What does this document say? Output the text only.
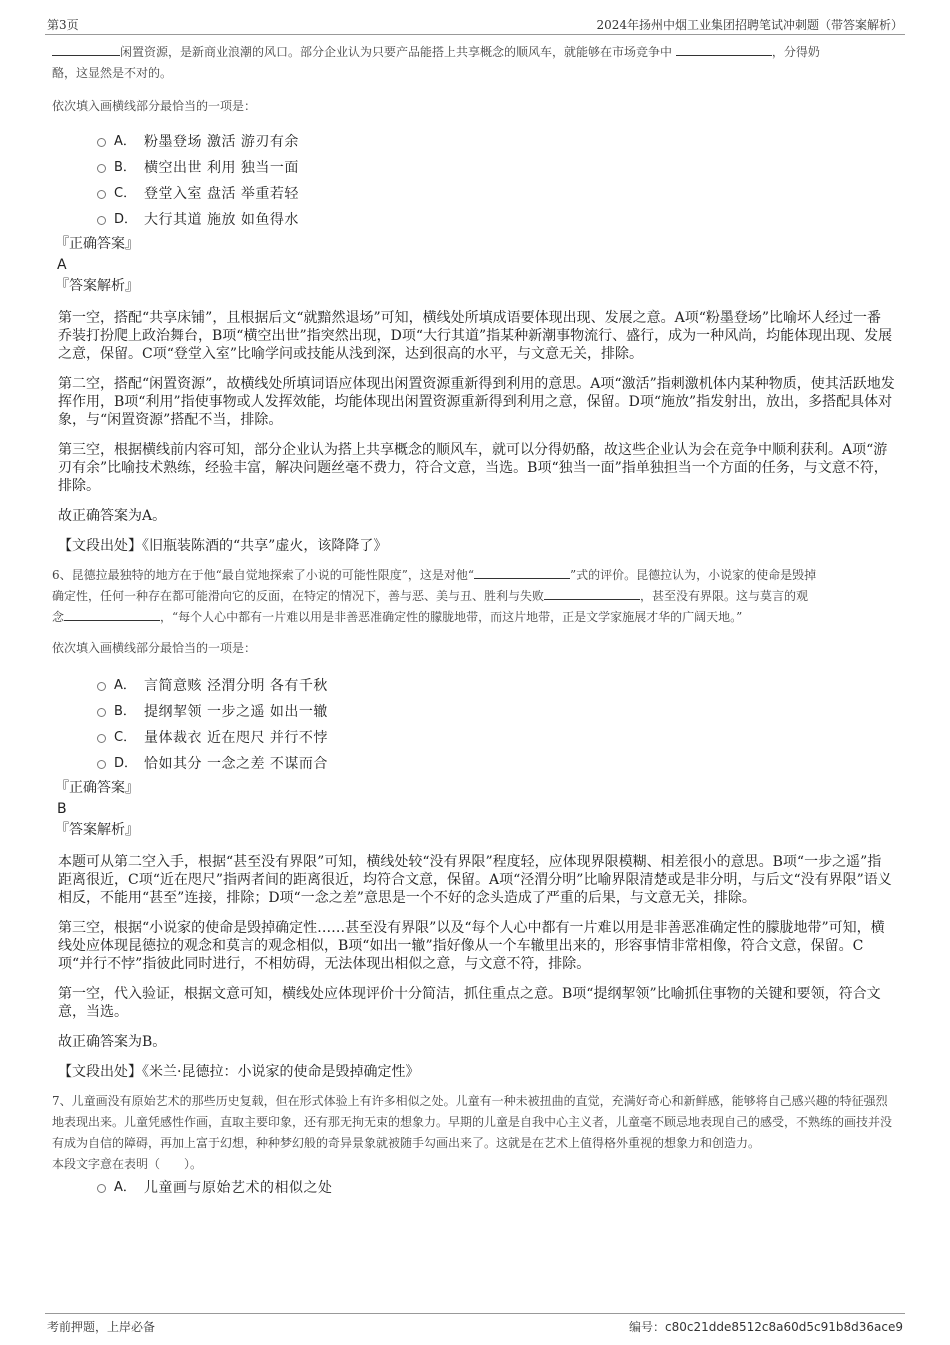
第3页	2024年扬州中烟工业集团招聘笔试冲刺题（带答案解析）
闲置资源，是新商业浪潮的风口。部分企业认为只要产品能搭上共享概念的顺风车，就能够在市场竞争中	，分得奶
酪，这显然是不对的。
依次填入画横线部分最恰当的一项是：
A． 粉墨登场 激活 游刃有余
B． 横空出世 利用 独当一面
C． 登堂入室 盘活 举重若轻
D． 大行其道 施放 如鱼得水
『正确答案』
A
『答案解析』

第一空，搭配“共享床铺”，且根据后文“就黯然退场”可知，横线处所填成语要体现出现、发展之意。A项“粉墨登场”比喻坏人经过一番乔装打扮爬上政治舞台，B项“横空出世”指突然出现，D项“大行其道”指某种新潮事物流行、盛行，成为一种风尚，均能体现出现、发展之意，保留。C项“登堂入室”比喻学问或技能从浅到深，达到很高的水平，与文意无关，排除。

第二空，搭配“闲置资源”，故横线处所填词语应体现出闲置资源重新得到利用的意思。A项“激活”指刺激机体内某种物质，使其活跃地发挥作用，B项“利用”指使事物或人发挥效能，均能体现出闲置资源重新得到利用之意，保留。D项“施放”指发射出，放出，多搭配具体对象，与“闲置资源”搭配不当，排除。

第三空，根据横线前内容可知，部分企业认为搭上共享概念的顺风车，就可以分得奶酪，故这些企业认为会在竞争中顺利获利。A项“游刃有余”比喻技术熟练，经验丰富，解决问题丝毫不费力，符合文意，当选。B项“独当一面”指单独担当一个方面的任务，与文意不符，排除。

故正确答案为A。

【文段出处】《旧瓶装陈酒的“共享”虚火，该降降了》

6、昆德拉最独特的地方在于他“最自觉地探索了小说的可能性限度”，这是对他“	”式的评价。昆德拉认为，小说家的使命是毁掉
确定性，任何一种存在都可能滑向它的反面，在特定的情况下，善与恶、美与丑、胜利与失败	，甚至没有界限。这与莫言的观
念	，“每个人心中都有一片难以用是非善恶准确定性的朦胧地带，而这片地带，正是文学家施展才华的广阔天地。”
依次填入画横线部分最恰当的一项是：
A． 言简意赅 泾渭分明 各有千秋
B． 提纲挈领 一步之遥 如出一辙
C． 量体裁衣 近在咫尺 并行不悖
D． 恰如其分 一念之差 不谋而合
『正确答案』
B
『答案解析』

本题可从第二空入手，根据“甚至没有界限”可知，横线处较“没有界限”程度轻，应体现界限模糊、相差很小的意思。B项“一步之遥”指距离很近，C项“近在咫尺”指两者间的距离很近，均符合文意，保留。A项“泾渭分明”比喻界限清楚或是非分明，与后文“没有界限”语义相反，不能用“甚至”连接，排除；D项“一念之差”意思是一个不好的念头造成了严重的后果，与文意无关，排除。

第三空，根据“小说家的使命是毁掉确定性……甚至没有界限”以及“每个人心中都有一片难以用是非善恶准确定性的朦胧地带”可知，横线处应体现昆德拉的观念和莫言的观念相似，B项“如出一辙”指好像从一个车辙里出来的，形容事情非常相像，符合文意，保留。C项“并行不悖”指彼此同时进行，不相妨碍，无法体现出相似之意，与文意不符，排除。

第一空，代入验证，根据文意可知，横线处应体现评价十分简洁，抓住重点之意。B项“提纲挈领”比喻抓住事物的关键和要领，符合文意，当选。

故正确答案为B。

【文段出处】《米兰·昆德拉：小说家的使命是毁掉确定性》

7、儿童画没有原始艺术的那些历史复载，但在形式体验上有许多相似之处。儿童有一种未被扭曲的直觉，充满好奇心和新鲜感，能够将自己感兴趣的特征强烈地表现出来。儿童凭感性作画，直取主要印象，还有那无拘无束的想象力。早期的儿童是自我中心主义者，儿童毫不顾忌地表现自己的感受，不熟练的画技并没有成为自信的障碍，再加上富于幻想，种种梦幻般的奇异景象就被随手勾画出来了。这就是在艺术上值得格外重视的想象力和创造力。
本段文字意在表明（　　）。
A． 儿童画与原始艺术的相似之处
考前押题，上岸必备	编号：c80c21dde8512c8a60d5c91b8d36ace9
